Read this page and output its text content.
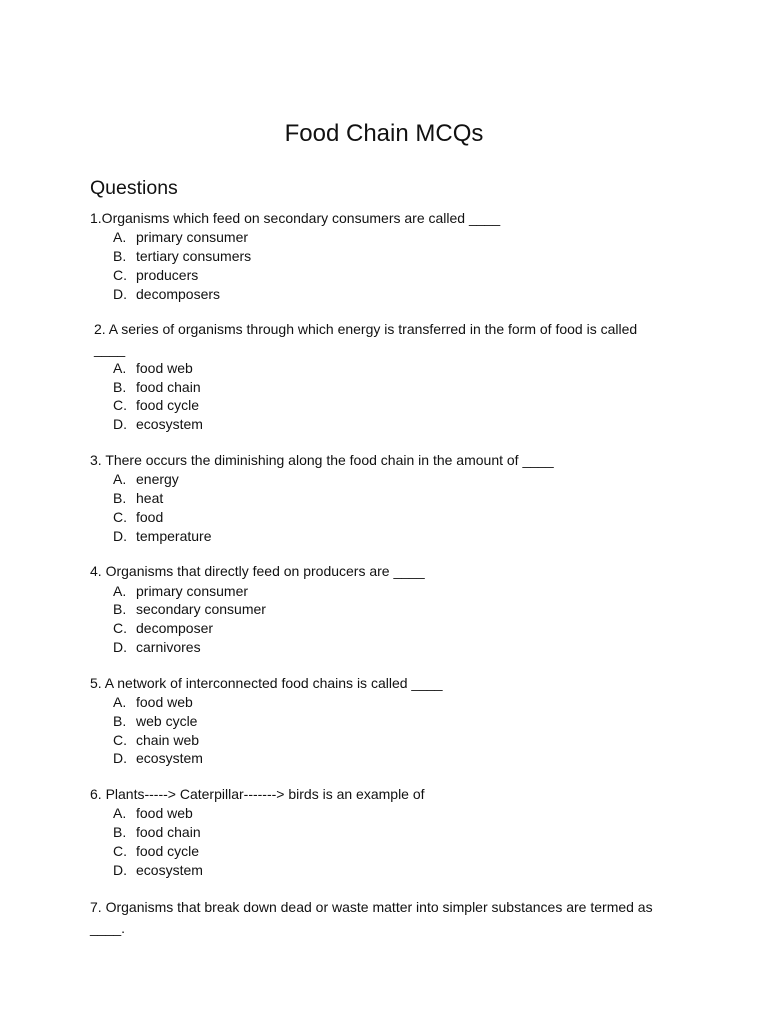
Food Chain MCQs
Questions

1.Organisms which feed on secondary consumers are called ____

A. primary consumer
B. tertiary consumers
C. producers
D. decomposers

2. A series of organisms through which energy is transferred in the form of food is called ____

A. food web
B. food chain
C. food cycle
D. ecosystem

3. There occurs the diminishing along the food chain in the amount of ____

A. energy
B. heat
C. food
D. temperature

4. Organisms that directly feed on producers are ____

A. primary consumer
B. secondary consumer
C. decomposer
D. carnivores

5. A network of interconnected food chains is called ____

A. food web
B. web cycle
C. chain web
D. ecosystem

6. Plants-----> Caterpillar-------> birds is an example of

A. food web
B. food chain
C. food cycle
D. ecosystem

7. Organisms that break down dead or waste matter into simpler substances are termed as ____.
